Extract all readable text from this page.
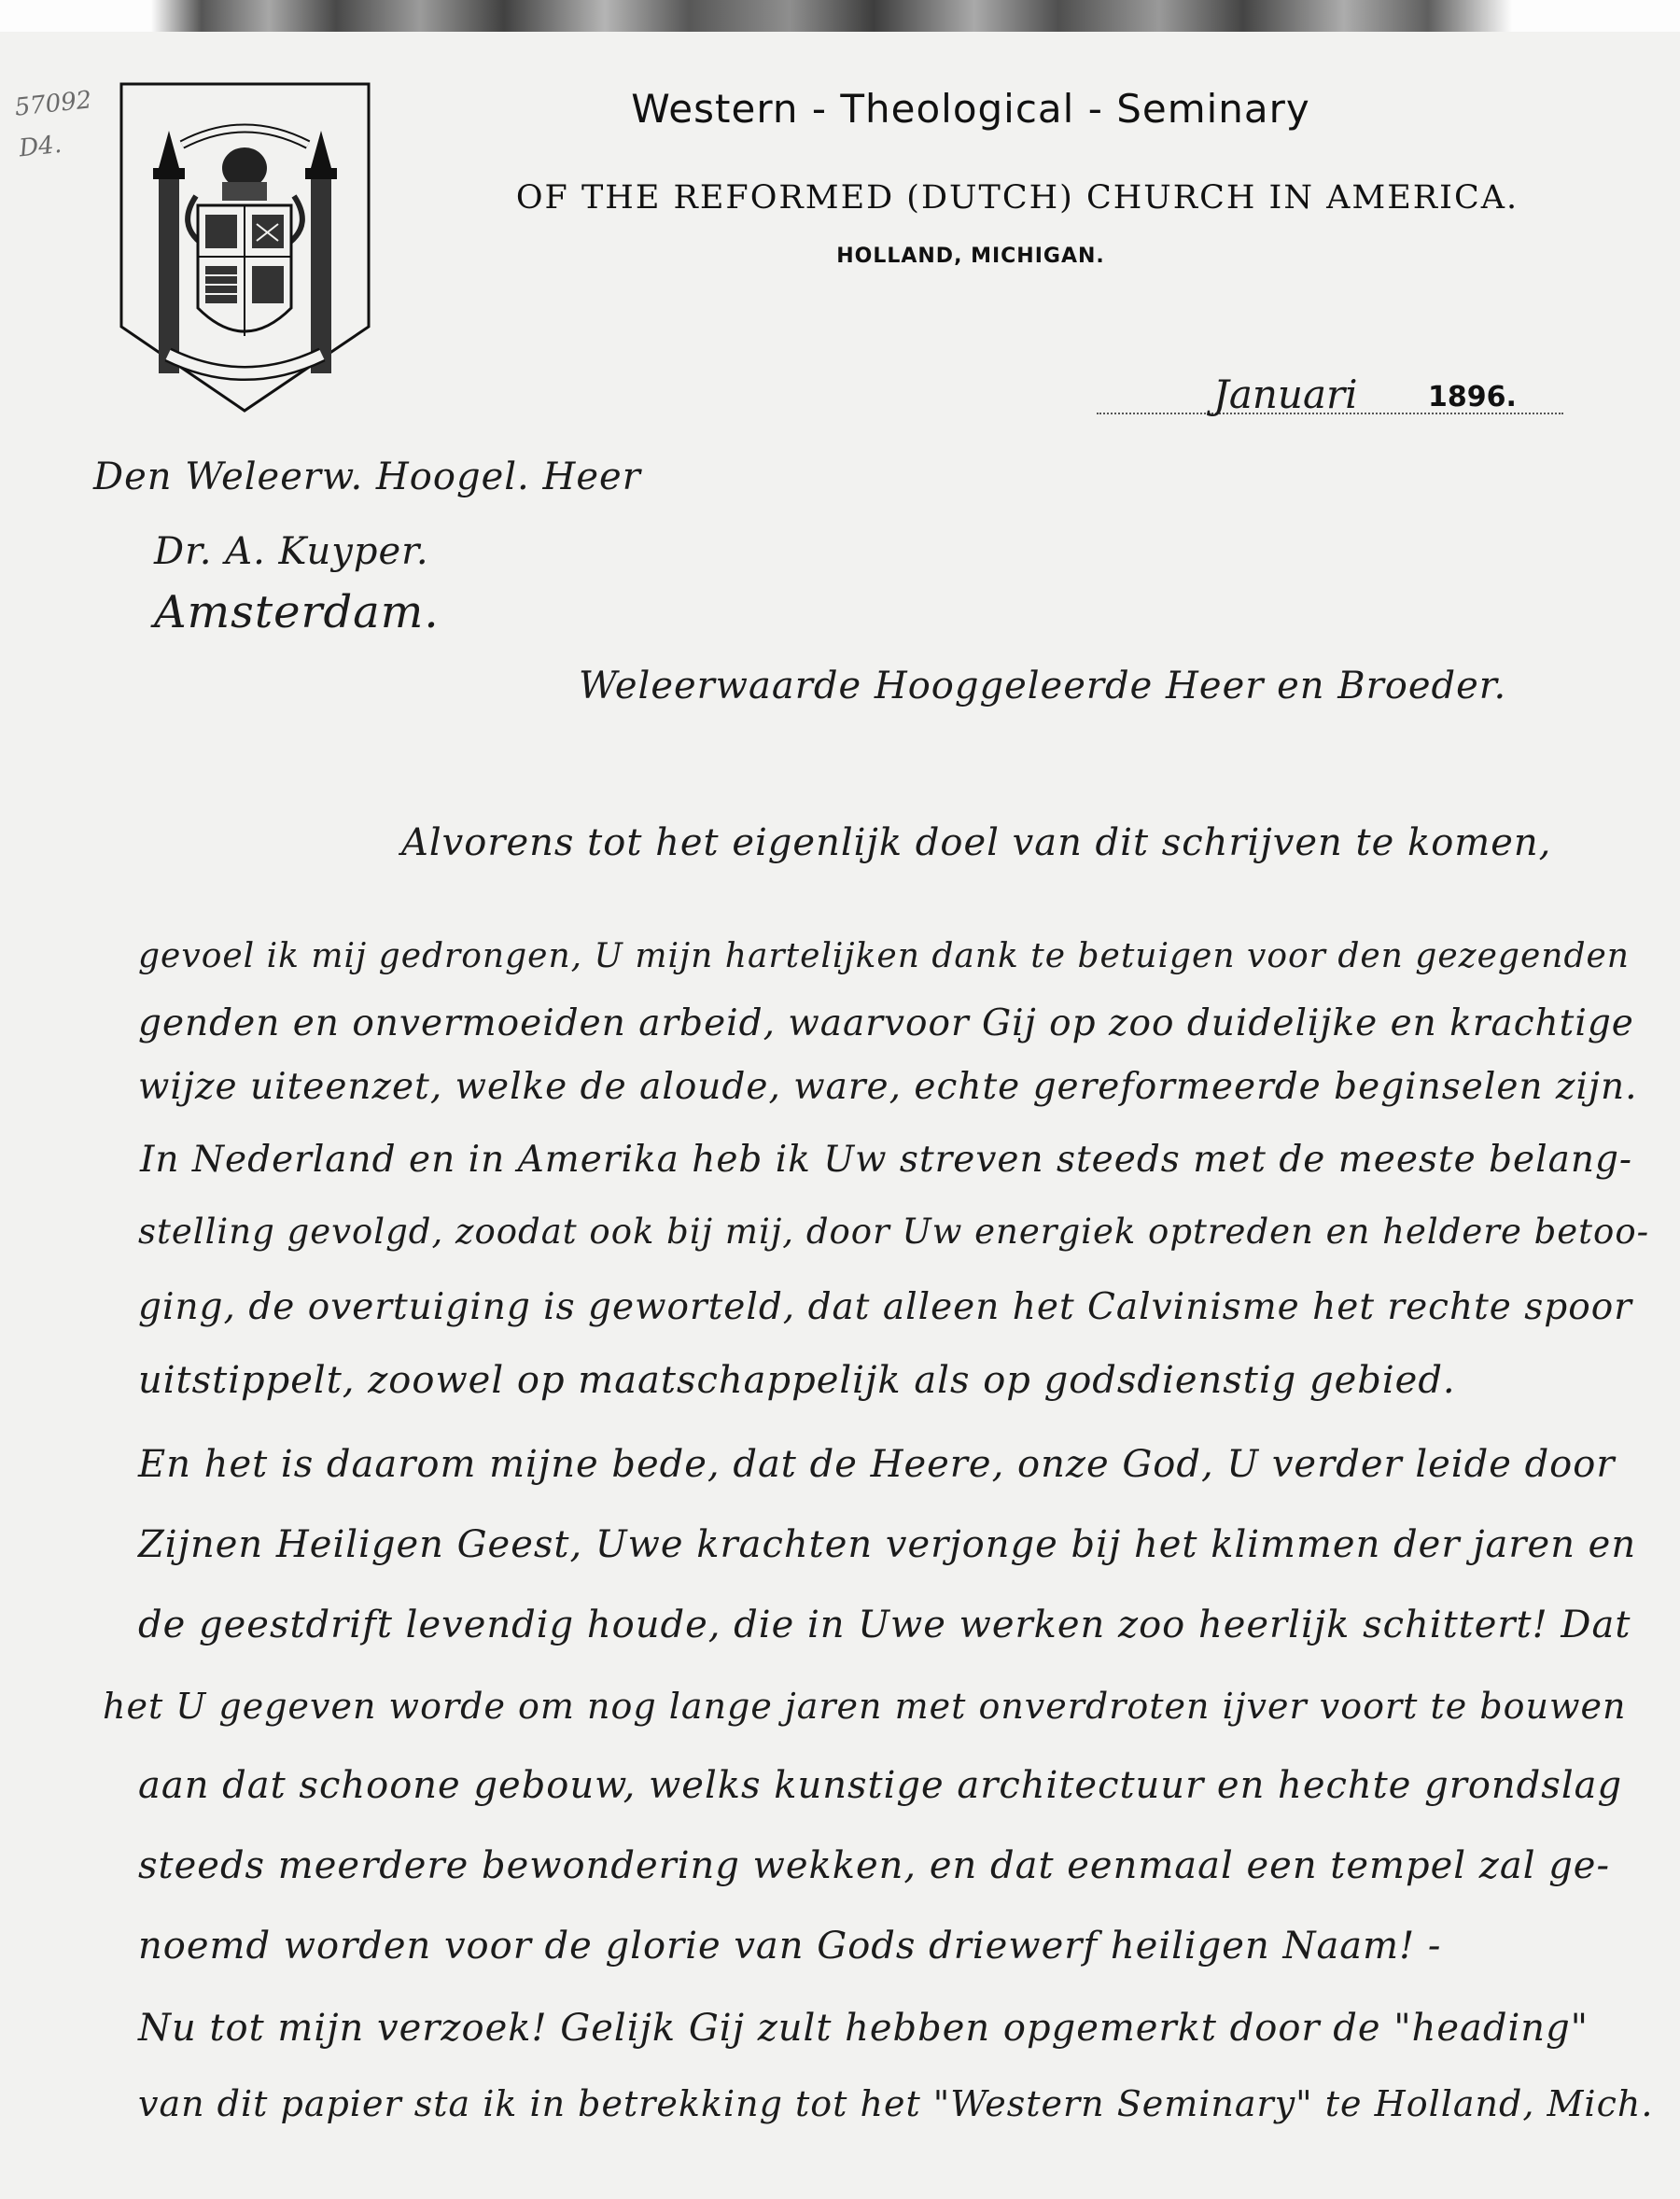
57092
D4.
Western - Theological - Seminary
OF THE REFORMED (DUTCH) CHURCH IN AMERICA.
HOLLAND, MICHIGAN.
Januari	1896.
Den Weleerw. Hoogel. Heer
Dr. A. Kuyper.
Amsterdam.
Weleerwaarde Hooggeleerde Heer en Broeder.
Alvorens tot het eigenlijk doel van dit schrijven te komen,
gevoel ik mij gedrongen, U mijn hartelijken dank te betuigen voor den gezegenden
genden en onvermoeiden arbeid, waarvoor Gij op zoo duidelijke en krachtige
wijze uiteenzet, welke de aloude, ware, echte gereformeerde beginselen zijn.
In Nederland en in Amerika heb ik Uw streven steeds met de meeste belang-
stelling gevolgd, zoodat ook bij mij, door Uw energiek optreden en heldere betoo-
ging, de overtuiging is geworteld, dat alleen het Calvinisme het rechte spoor
uitstippelt, zoowel op maatschappelijk als op godsdienstig gebied.
En het is daarom mijne bede, dat de Heere, onze God, U verder leide door
Zijnen Heiligen Geest, Uwe krachten verjonge bij het klimmen der jaren en
de geestdrift levendig houde, die in Uwe werken zoo heerlijk schittert! Dat
het U gegeven worde om nog lange jaren met onverdroten ijver voort te bouwen
aan dat schoone gebouw, welks kunstige architectuur en hechte grondslag
steeds meerdere bewondering wekken, en dat eenmaal een tempel zal ge-
noemd worden voor de glorie van Gods driewerf heiligen Naam! -
Nu tot mijn verzoek! Gelijk Gij zult hebben opgemerkt door de "heading"
van dit papier sta ik in betrekking tot het "Western Seminary" te Holland, Mich.
